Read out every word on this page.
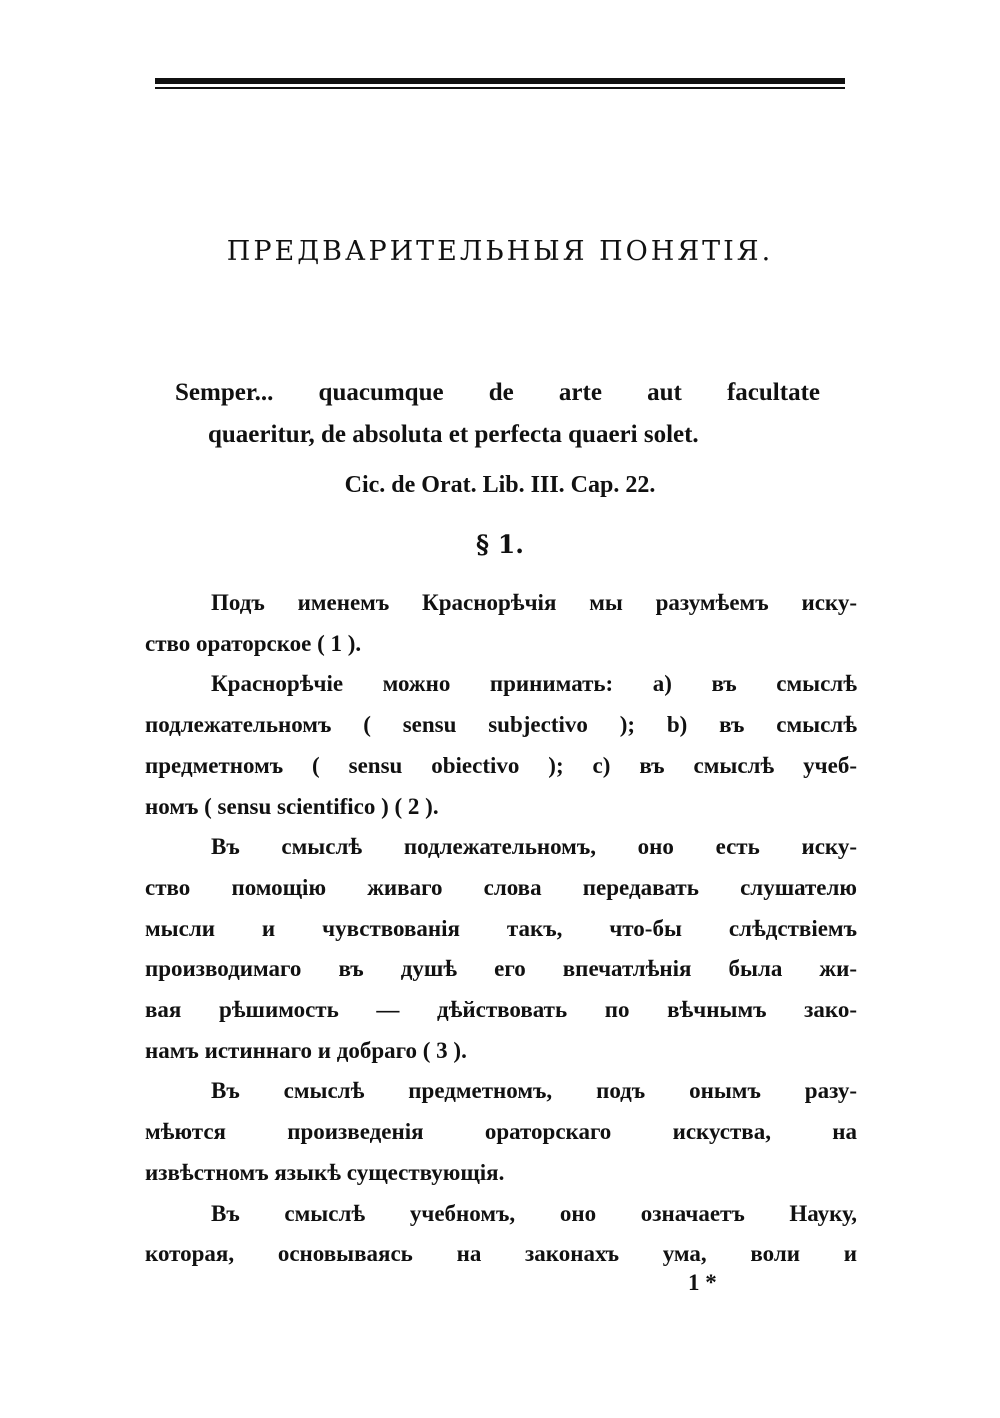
ПРЕДВАРИТЕЛЬНЫЯ ПОНЯТІЯ.
Semper... quacumque de arte aut facultate
quaeritur, de absoluta et perfecta quaeri solet.
Cic. de Orat. Lib. III. Cap. 22.
§ 1.
Подъ именемъ Краснорѣчія мы разумѣемъ иску-
ство ораторское ( 1 ).
Краснорѣчіе можно принимать: a) въ смыслѣ
подлежательномъ ( sensu subjectivo ); b) въ смыслѣ
предметномъ ( sensu obiectivo ); c) въ смыслѣ учеб-
номъ ( sensu scientifico ) ( 2 ).
Въ смыслѣ подлежательномъ, оно есть иску-
ство помощію живаго слова передавать слушателю
мысли и чувствованія такъ, что-бы слѣдствіемъ
производимаго въ душѣ его впечатлѣнія была жи-
вая рѣшимость — дѣйствовать по вѣчнымъ зако-
намъ истиннаго и добраго ( 3 ).
Въ смыслѣ предметномъ, подъ онымъ разу-
мѣются произведенія ораторскаго искуства, на
извѣстномъ языкѣ существующія.
Въ смыслѣ учебномъ, оно означаетъ Науку,
которая, основываясь на законахъ ума, воли и
1 *
